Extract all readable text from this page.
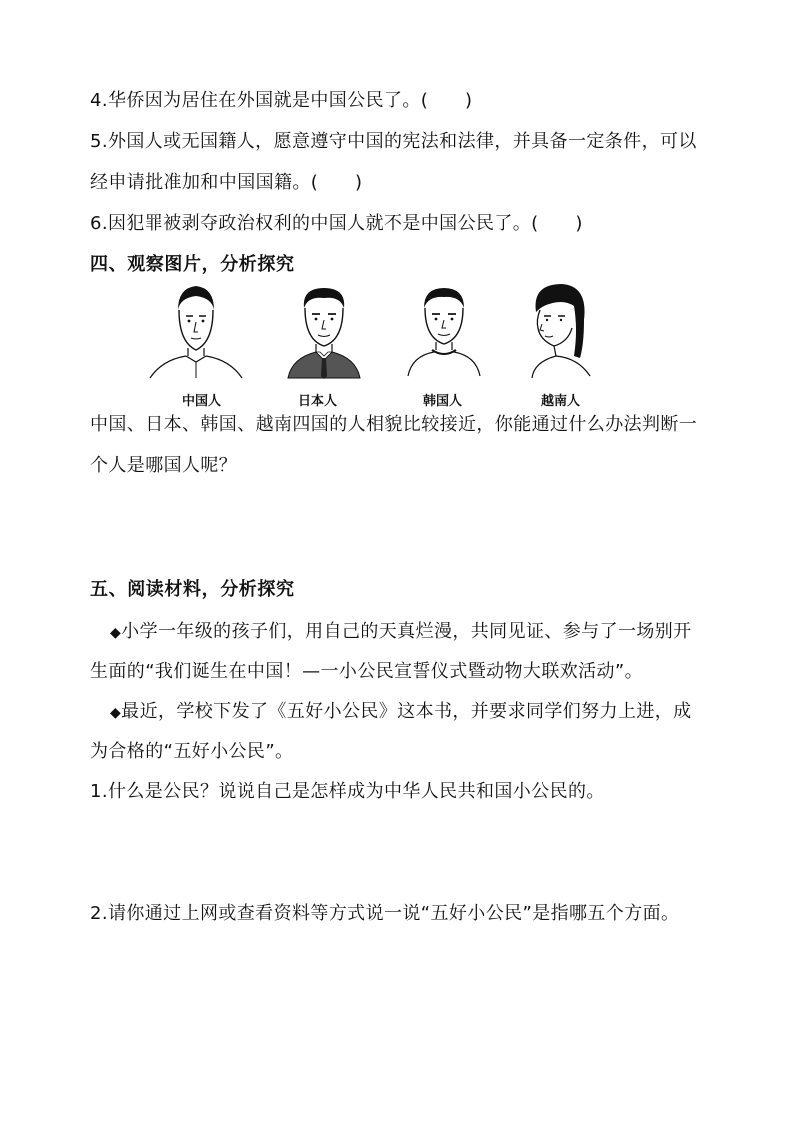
4.华侨因为居住在外国就是中国公民了。(　　)
5.外国人或无国籍人，愿意遵守中国的宪法和法律，并具备一定条件，可以
经申请批准加和中国国籍。(　　)
6.因犯罪被剥夺政治权利的中国人就不是中国公民了。(　　)
四、观察图片，分析探究
中国人	日本人	韩国人	越南人
中国、日本、韩国、越南四国的人相貌比较接近，你能通过什么办法判断一
个人是哪国人呢？
五、阅读材料，分析探究
◆小学一年级的孩子们，用自己的天真烂漫，共同见证、参与了一场别开
生面的“我们诞生在中国！—一小公民宣誓仪式暨动物大联欢活动”。
◆最近，学校下发了《五好小公民》这本书，并要求同学们努力上进，成
为合格的“五好小公民”。
1.什么是公民？说说自己是怎样成为中华人民共和国小公民的。
2.请你通过上网或查看资料等方式说一说“五好小公民”是指哪五个方面。
